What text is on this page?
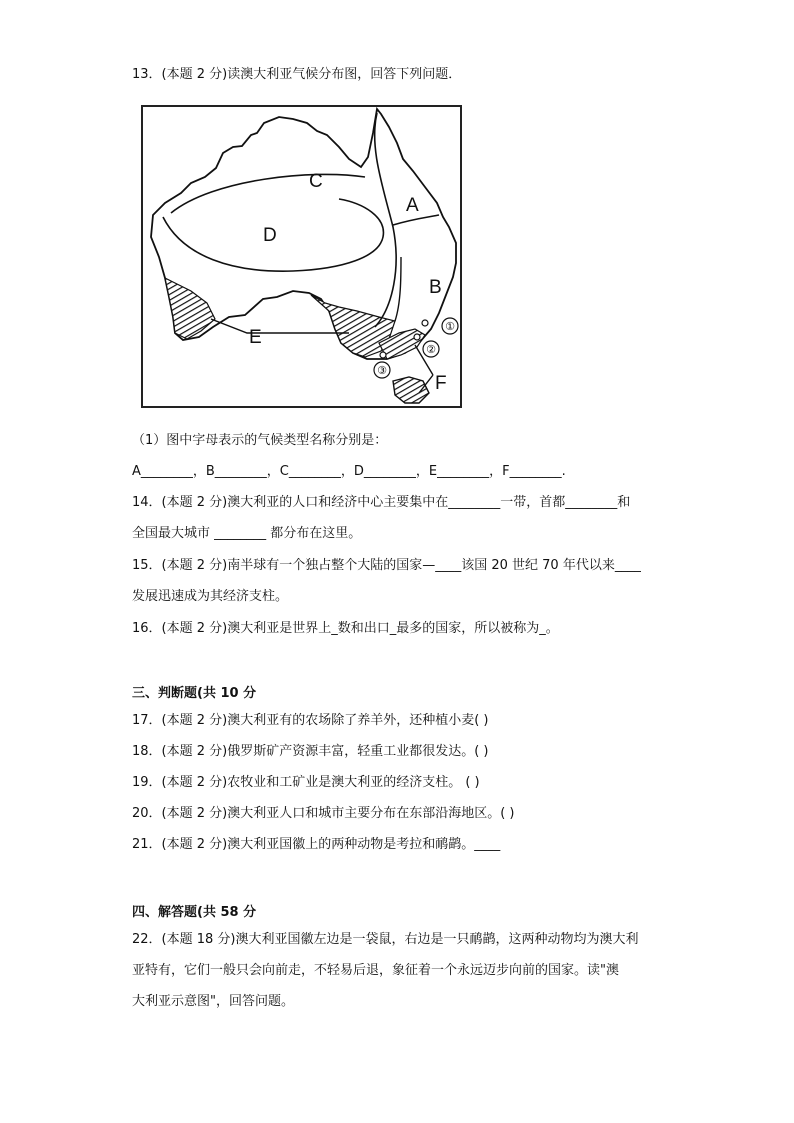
13．(本题 2 分)读澳大利亚气候分布图，回答下列问题．
①
②
③
A
B
C
D
E
F
（1）图中字母表示的气候类型名称分别是：
A________，B________，C________，D________，E________，F________.
14．(本题 2 分)澳大利亚的人口和经济中心主要集中在________一带，首都________和
全国最大城市 ________ 都分布在这里。
15．(本题 2 分)南半球有一个独占整个大陆的国家—____该国 20 世纪 70 年代以来____
发展迅速成为其经济支柱。
16．(本题 2 分)澳大利亚是世界上_数和出口_最多的国家，所以被称为_。
三、判断题(共 10 分
17．(本题 2 分)澳大利亚有的农场除了养羊外，还种植小麦( )
18．(本题 2 分)俄罗斯矿产资源丰富，轻重工业都很发达。( )
19．(本题 2 分)农牧业和工矿业是澳大利亚的经济支柱。 ( )
20．(本题 2 分)澳大利亚人口和城市主要分布在东部沿海地区。( )
21．(本题 2 分)澳大利亚国徽上的两种动物是考拉和鸸鹋。____
四、解答题(共 58 分
22．(本题 18 分)澳大利亚国徽左边是一袋鼠，右边是一只鸸鹋，这两种动物均为澳大利
亚特有，它们一般只会向前走，不轻易后退，象征着一个永远迈步向前的国家。读"澳
大利亚示意图"，回答问题。
